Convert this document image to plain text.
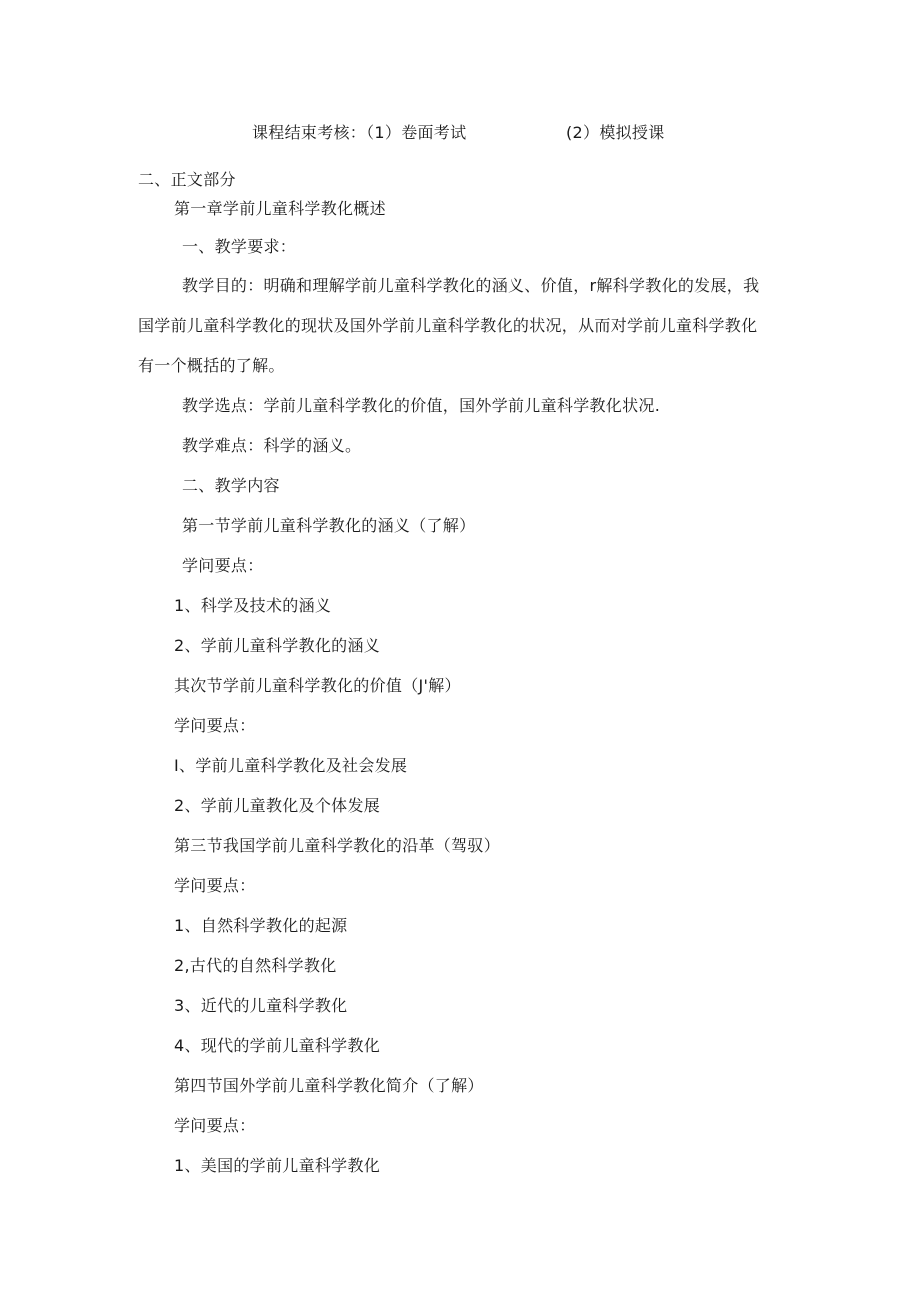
课程结束考核：（1）卷面考试	(2）模拟授课
二、正文部分
第一章学前儿童科学教化概述
一、教学要求：
教学目的：明确和理解学前儿童科学教化的涵义、价值，r解科学教化的发展，我
国学前儿童科学教化的现状及国外学前儿童科学教化的状况，从而对学前儿童科学教化
有一个概括的了解。
教学选点：学前儿童科学教化的价值，国外学前儿童科学教化状况.
教学难点：科学的涵义。
二、教学内容
第一节学前儿童科学教化的涵义（了解）
学问要点：
1、科学及技术的涵义
2、学前儿童科学教化的涵义
其次节学前儿童科学教化的价值（J'解）
学问要点：
I、学前儿童科学教化及社会发展
2、学前儿童教化及个体发展
第三节我国学前儿童科学教化的沿革（驾驭）
学问要点：
1、自然科学教化的起源
2,古代的自然科学教化
3、近代的儿童科学教化
4、现代的学前儿童科学教化
第四节国外学前儿童科学教化简介（了解）
学问要点：
1、美国的学前儿童科学教化
